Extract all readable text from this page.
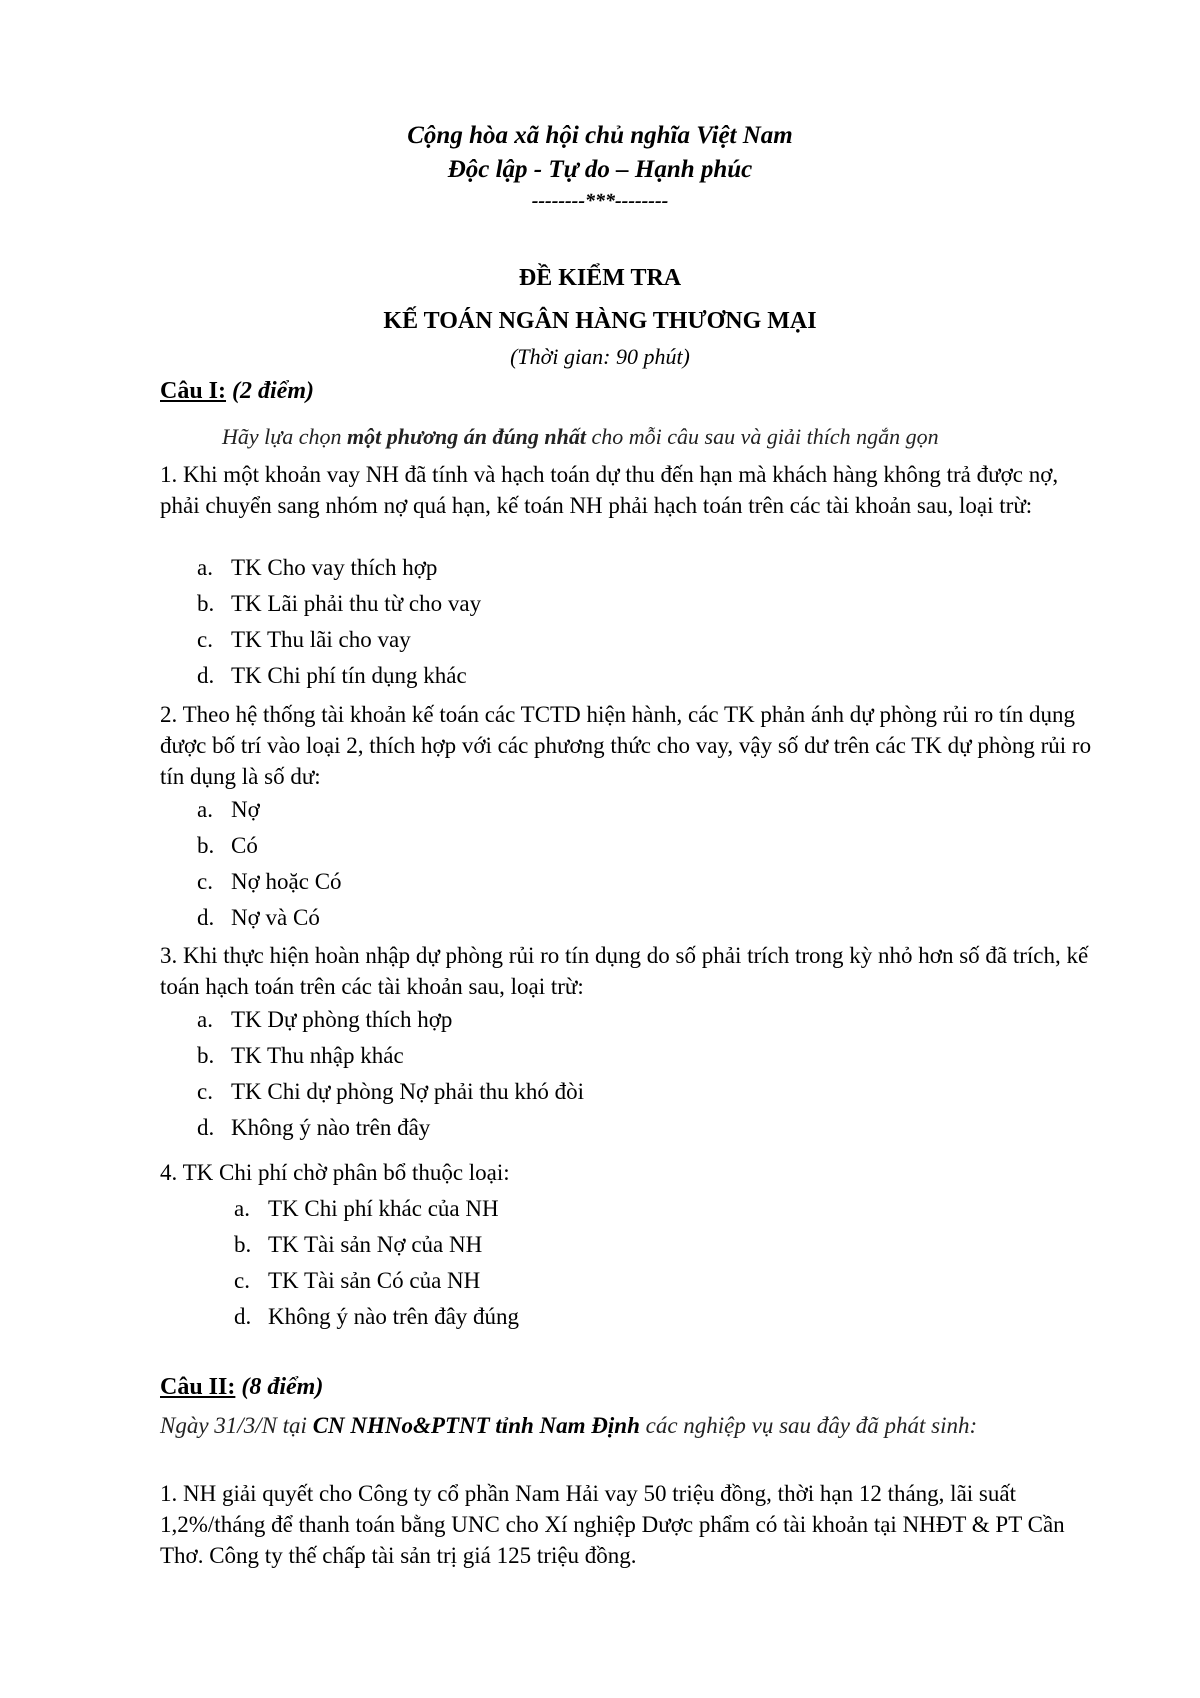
Cộng hòa xã hội chủ nghĩa Việt Nam
Độc lập - Tự do – Hạnh phúc
--------***--------
ĐỀ KIỂM TRA
KẾ TOÁN NGÂN HÀNG THƯƠNG MẠI
(Thời gian: 90 phút)
Câu I: (2 điểm)
Hãy lựa chọn một phương án đúng nhất cho mỗi câu sau và giải thích ngắn gọn
1. Khi một khoản vay NH đã tính và hạch toán dự thu đến hạn mà khách hàng không trả được nợ, phải chuyển sang nhóm nợ quá hạn, kế toán NH phải hạch toán trên các tài khoản sau, loại trừ:
a. TK Cho vay thích hợp
b. TK Lãi phải thu từ cho vay
c. TK Thu lãi cho vay
d. TK Chi phí tín dụng khác
2. Theo hệ thống tài khoản kế toán các TCTD hiện hành, các TK phản ánh dự phòng rủi ro tín dụng được bố trí vào loại 2, thích hợp với các phương thức cho vay, vậy số dư trên các TK dự phòng rủi ro tín dụng là số dư:
a. Nợ
b. Có
c. Nợ hoặc Có
d. Nợ và Có
3. Khi thực hiện hoàn nhập dự phòng rủi ro tín dụng do số phải trích trong kỳ nhỏ hơn số đã trích, kế toán hạch toán trên các tài khoản sau, loại trừ:
a. TK Dự phòng thích hợp
b. TK Thu nhập khác
c. TK Chi dự phòng Nợ phải thu khó đòi
d. Không ý nào trên đây
4. TK Chi phí chờ phân bổ thuộc loại:
a. TK Chi phí khác của NH
b. TK Tài sản Nợ của NH
c. TK Tài sản Có của NH
d. Không ý nào trên đây đúng
Câu II: (8 điểm)
Ngày 31/3/N tại CN NHNo&PTNT tỉnh Nam Định các nghiệp vụ sau đây đã phát sinh:
1. NH giải quyết cho Công ty cổ phần Nam Hải vay 50 triệu đồng, thời hạn 12 tháng, lãi suất 1,2%/tháng để thanh toán bằng UNC cho Xí nghiệp Dược phẩm có tài khoản tại NHĐT & PT Cần Thơ. Công ty thế chấp tài sản trị giá 125 triệu đồng.
